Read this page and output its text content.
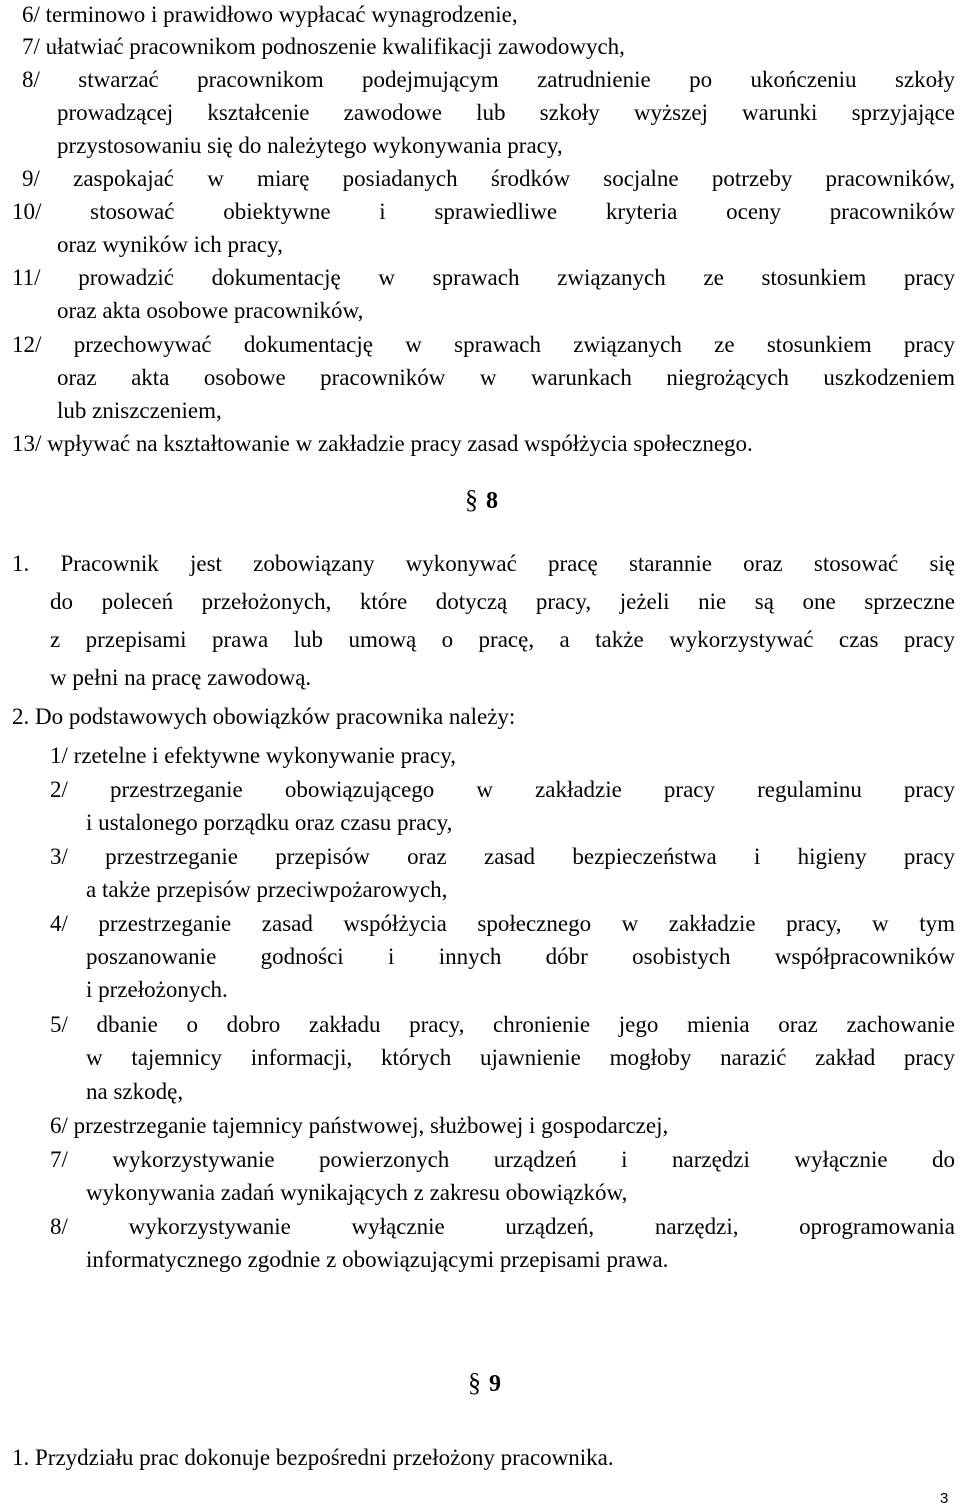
6/ terminowo i prawidłowo wypłacać wynagrodzenie,
7/ ułatwiać pracownikom podnoszenie kwalifikacji zawodowych,
8/ stwarzać pracownikom podejmującym zatrudnienie po ukończeniu szkoły
prowadzącej kształcenie zawodowe lub szkoły wyższej warunki sprzyjające
przystosowaniu się do należytego wykonywania pracy,
9/ zaspokajać w miarę posiadanych środków socjalne potrzeby pracowników,
10/ stosować obiektywne i sprawiedliwe kryteria oceny pracowników
oraz wyników ich pracy,
11/ prowadzić dokumentację w sprawach związanych ze stosunkiem pracy
oraz akta osobowe pracowników,
12/ przechowywać dokumentację w sprawach związanych ze stosunkiem pracy
oraz akta osobowe pracowników w warunkach niegrożących uszkodzeniem
lub zniszczeniem,
13/ wpływać na kształtowanie w zakładzie pracy zasad współżycia społecznego.
§ 8
1. Pracownik jest zobowiązany wykonywać pracę starannie oraz stosować się
do poleceń przełożonych, które dotyczą pracy, jeżeli nie są one sprzeczne
z przepisami prawa lub umową o pracę, a także wykorzystywać czas pracy
w pełni na pracę zawodową.
2. Do podstawowych obowiązków pracownika należy:
1/ rzetelne i efektywne wykonywanie pracy,
2/ przestrzeganie obowiązującego w zakładzie pracy regulaminu pracy
i ustalonego porządku oraz czasu pracy,
3/ przestrzeganie przepisów oraz zasad bezpieczeństwa i higieny pracy
a także przepisów przeciwpożarowych,
4/ przestrzeganie zasad współżycia społecznego w zakładzie pracy, w tym
poszanowanie godności i innych dóbr osobistych współpracowników
i przełożonych.
5/ dbanie o dobro zakładu pracy, chronienie jego mienia oraz zachowanie
w tajemnicy informacji, których ujawnienie mogłoby narazić zakład pracy
na szkodę,
6/ przestrzeganie tajemnicy państwowej, służbowej i gospodarczej,
7/ wykorzystywanie powierzonych urządzeń i narzędzi wyłącznie do
wykonywania zadań wynikających z zakresu obowiązków,
8/ wykorzystywanie wyłącznie urządzeń, narzędzi, oprogramowania
informatycznego zgodnie z obowiązującymi przepisami prawa.
§ 9
1. Przydziału prac dokonuje bezpośredni przełożony pracownika.
3
